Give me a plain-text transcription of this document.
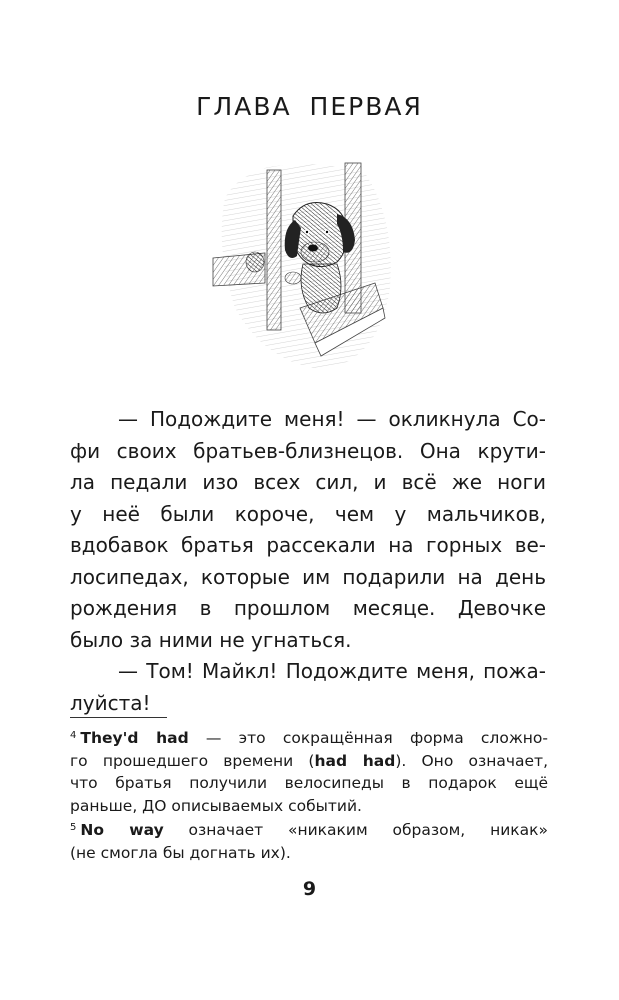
ГЛАВА ПЕРВАЯ
— Подождите меня! — окликнула Со-
фи своих братьев-близнецов. Она крути-
ла педали изо всех сил, и всё же ноги
у неё были короче, чем у мальчиков,
вдобавок братья рассекали на горных ве-
лосипедах, которые им подарили на день
рождения в прошлом месяце. Девочке
было за ними не угнаться.
— Том! Майкл! Подождите меня, пожа-
луйста!
$^4$ They'd had — это сокращённая форма сложно-
го прошедшего времени (had had). Оно означает,
что братья получили велосипеды в подарок ещё
раньше, ДО описываемых событий.
$^5$ No way означает «никаким образом, никак»
(не смогла бы догнать их).
9
